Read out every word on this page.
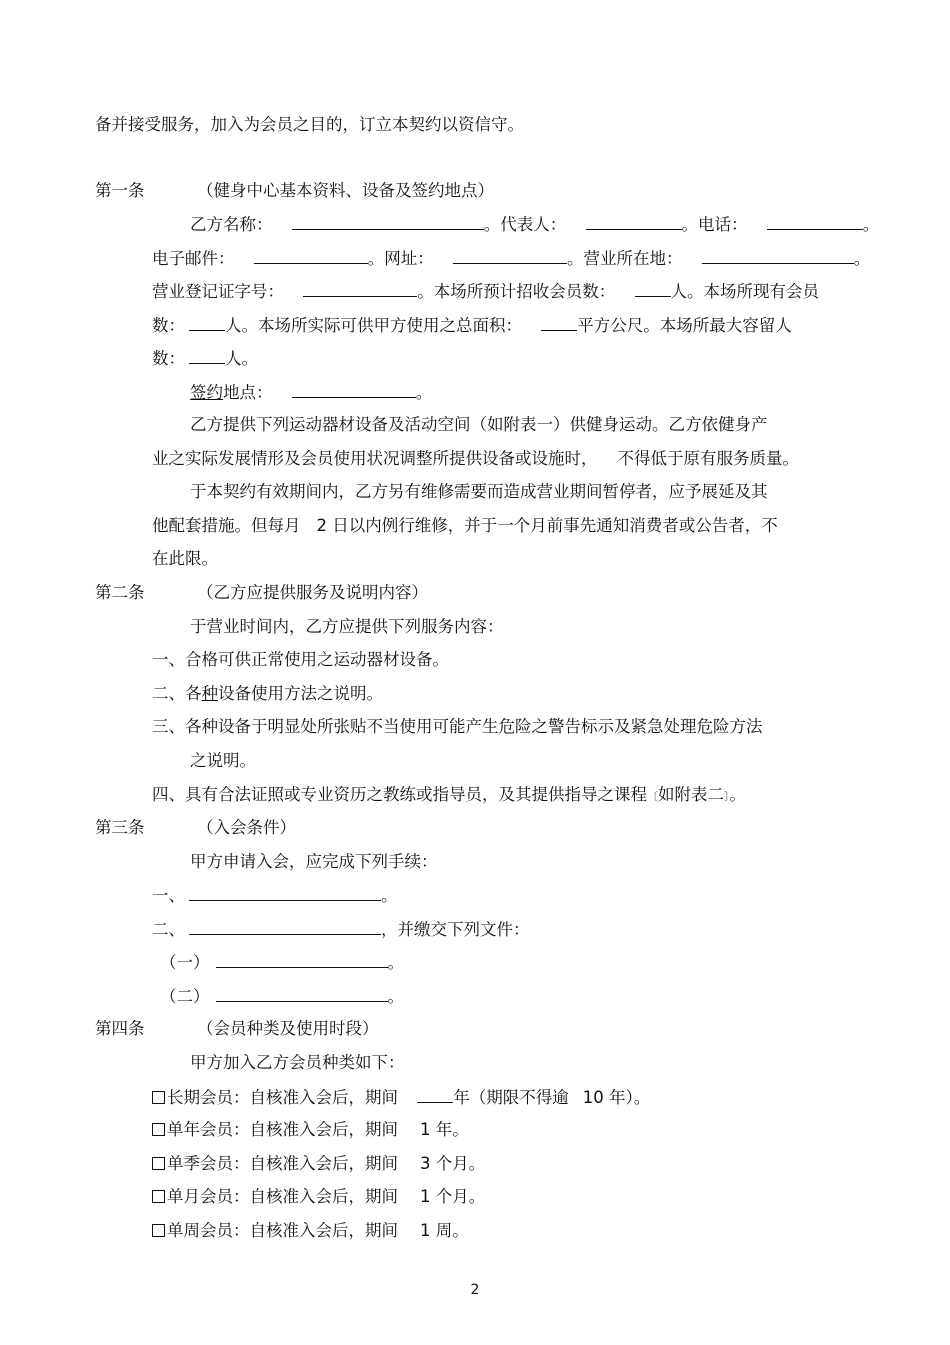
备并接受服务，加入为会员之目的，订立本契约以资信守。
第一条	（健身中心基本资料、设备及签约地点）
乙方名称：	。代表人：	。电话：	。
电子邮件：	。网址：	。营业所在地：	。
营业登记证字号：	。本场所预计招收会员数：	人。本场所现有会员
数： 人。本场所实际可供甲方使用之总面积：	平方公尺。本场所最大容留人
数： 人。
签约地点：	。
乙方提供下列运动器材设备及活动空间（如附表一）供健身运动。乙方依健身产
业之实际发展情形及会员使用状况调整所提供设备或设施时， 不得低于原有服务质量。
于本契约有效期间内，乙方另有维修需要而造成营业期间暂停者，应予展延及其
他配套措施。但每月 2 日以内例行维修，并于一个月前事先通知消费者或公告者，不
在此限。
第二条	（乙方应提供服务及说明内容）
于营业时间内，乙方应提供下列服务内容：
一、合格可供正常使用之运动器材设备。
二、各种设备使用方法之说明。
三、各种设备于明显处所张贴不当使用可能产生危险之警告标示及紧急处理危险方法
之说明。
四、具有合法证照或专业资历之教练或指导员，及其提供指导之课程〔如附表二〕。
第三条	（入会条件）
甲方申请入会，应完成下列手续：
一、	。
二、	，并缴交下列文件：
（一）	。
（二）	。
第四条	（会员种类及使用时段）
甲方加入乙方会员种类如下：
长期会员：自核准入会后，期间	年（期限不得逾 10 年）。
单年会员：自核准入会后，期间 1 年。
单季会员：自核准入会后，期间 3 个月。
单月会员：自核准入会后，期间 1 个月。
单周会员：自核准入会后，期间 1 周。
2
